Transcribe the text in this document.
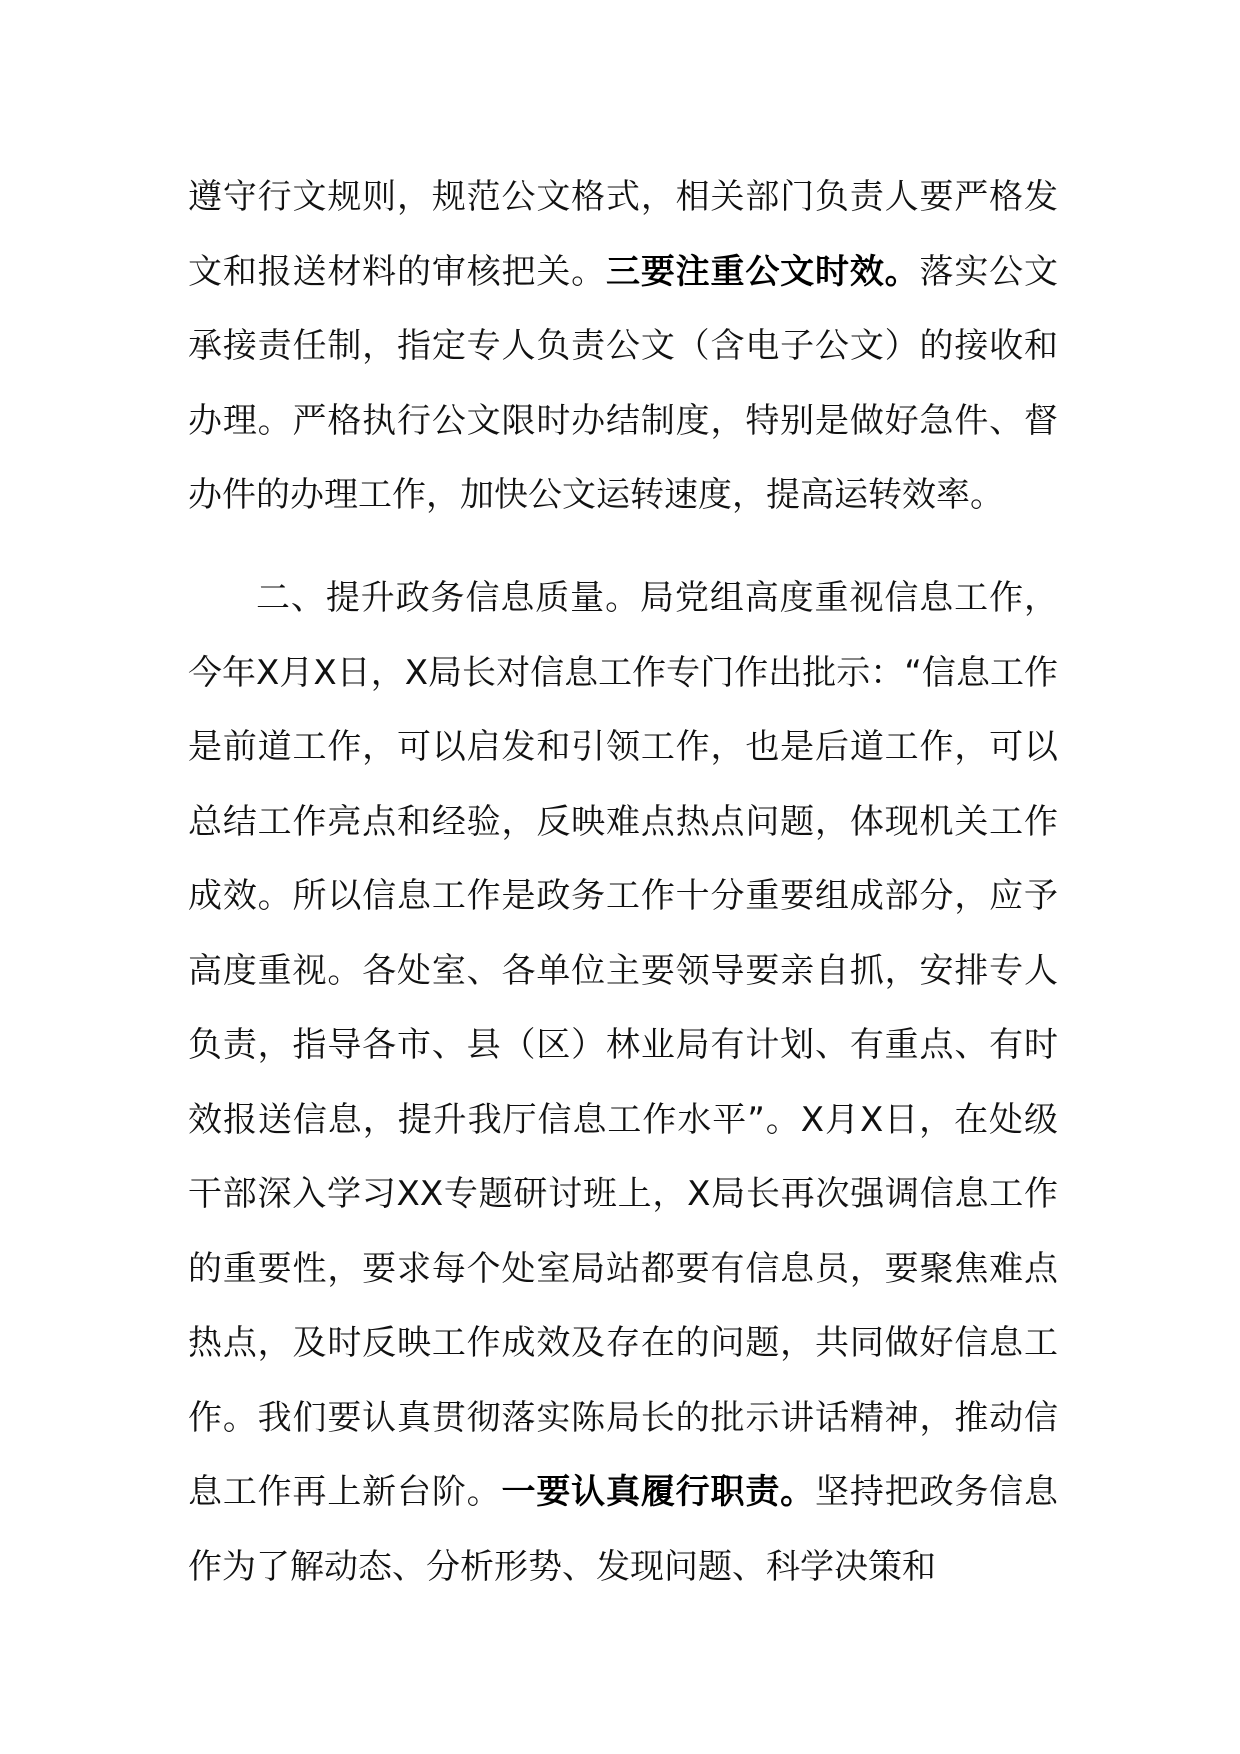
遵守行文规则，规范公文格式，相关部门负责人要严格发文和报送材料的审核把关。三要注重公文时效。落实公文承接责任制，指定专人负责公文（含电子公文）的接收和办理。严格执行公文限时办结制度，特别是做好急件、督办件的办理工作，加快公文运转速度，提高运转效率。
二、提升政务信息质量。局党组高度重视信息工作，今年X月X日，X局长对信息工作专门作出批示：“信息工作是前道工作，可以启发和引领工作，也是后道工作，可以总结工作亮点和经验，反映难点热点问题，体现机关工作成效。所以信息工作是政务工作十分重要组成部分，应予高度重视。各处室、各单位主要领导要亲自抓，安排专人负责，指导各市、县（区）林业局有计划、有重点、有时效报送信息，提升我厅信息工作水平”。X月X日，在处级干部深入学习XX专题研讨班上，X局长再次强调信息工作的重要性，要求每个处室局站都要有信息员，要聚焦难点热点，及时反映工作成效及存在的问题，共同做好信息工作。我们要认真贯彻落实陈局长的批示讲话精神，推动信息工作再上新台阶。一要认真履行职责。坚持把政务信息作为了解动态、分析形势、发现问题、科学决策和
